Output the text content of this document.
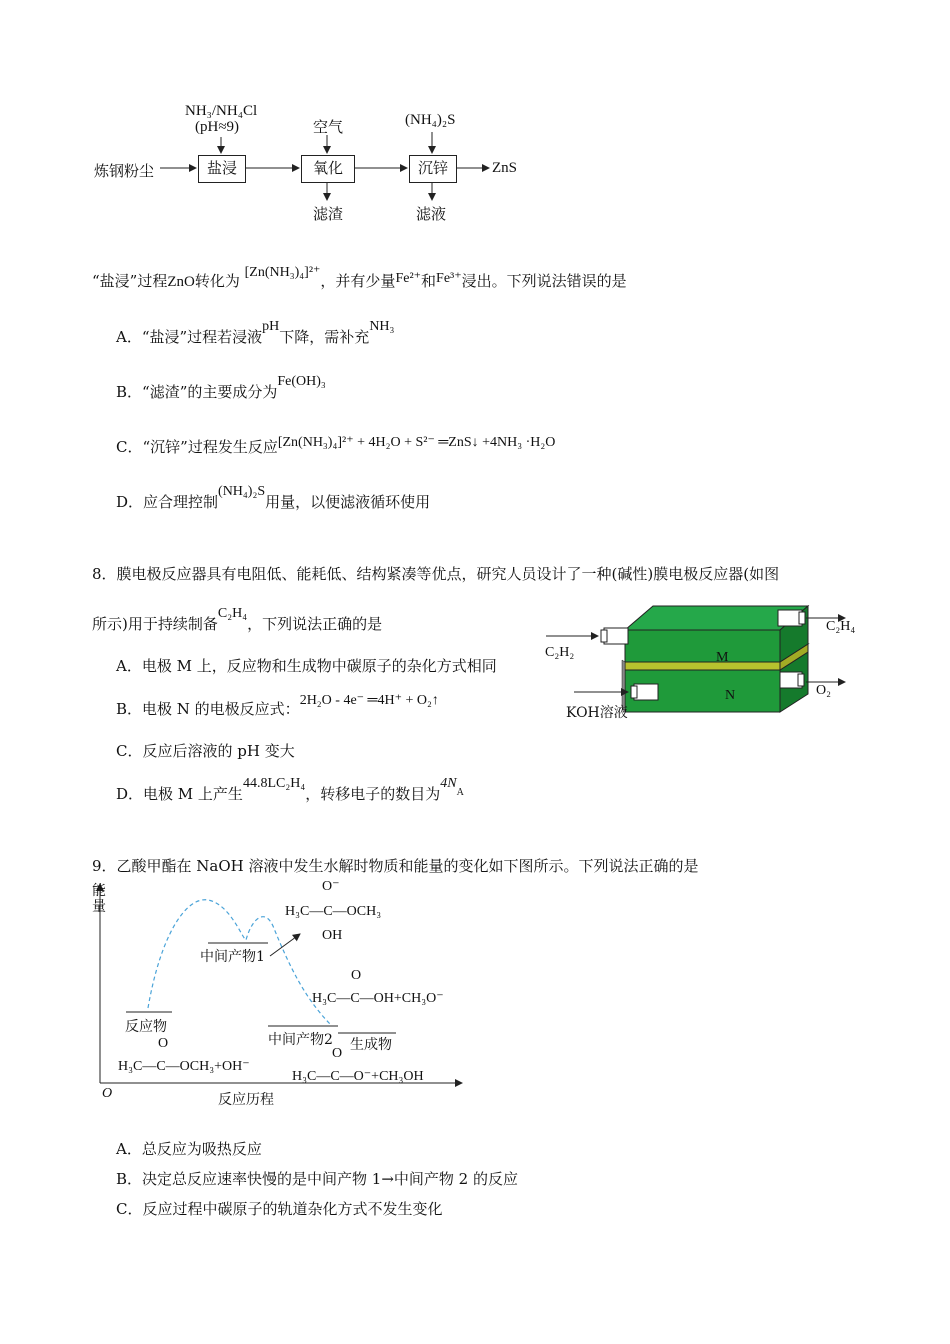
NH₃/NH₄Cl
(pH≈9)	空气	(NH₄)₂S
炼钢粉尘	盐浸	氧化	沉锌	ZnS
滤渣	滤液
“盐浸”过程ZnO转化为 [Zn(NH₃)₄]²⁺，并有少量Fe²⁺和Fe³⁺浸出。下列说法错误的是
A．“盐浸”过程若浸液pH下降，需补充NH₃
B．“滤渣”的主要成分为Fe(OH)₃
C．“沉锌”过程发生反应[Zn(NH₃)₄]²⁺ + 4H₂O + S²⁻ ═ZnS↓ +4NH₃ ·H₂O
D．应合理控制(NH₄)₂S用量，以便滤液循环使用
8．膜电极反应器具有电阻低、能耗低、结构紧凑等优点，研究人员设计了一种(碱性)膜电极反应器(如图
所示)用于持续制备C₂H₄，下列说法正确的是
A．电极 M 上，反应物和生成物中碳原子的杂化方式相同
B．电极 N 的电极反应式：2H₂O - 4e⁻ ═4H⁺ + O₂↑
C．反应后溶液的 pH 变大
D．电极 M 上产生44.8LC₂H₄，转移电子的数目为$4N_A$
C₂H₂
KOH溶液
C₂H₄
O₂
M
N
9．乙酸甲酯在 NaOH 溶液中发生水解时物质和能量的变化如下图所示。下列说法正确的是
能量
O	反应历程
反应物
中间产物1
中间产物2 生成物
O⁻
H₃C—C—OCH₃
OH
O
H₃C—C—OH+CH₃O⁻
O
H₃C—C—OCH₃+OH⁻
O
H₃C—C—O⁻+CH₃OH
A．总反应为吸热反应
B．决定总反应速率快慢的是中间产物 1→中间产物 2 的反应
C．反应过程中碳原子的轨道杂化方式不发生变化
